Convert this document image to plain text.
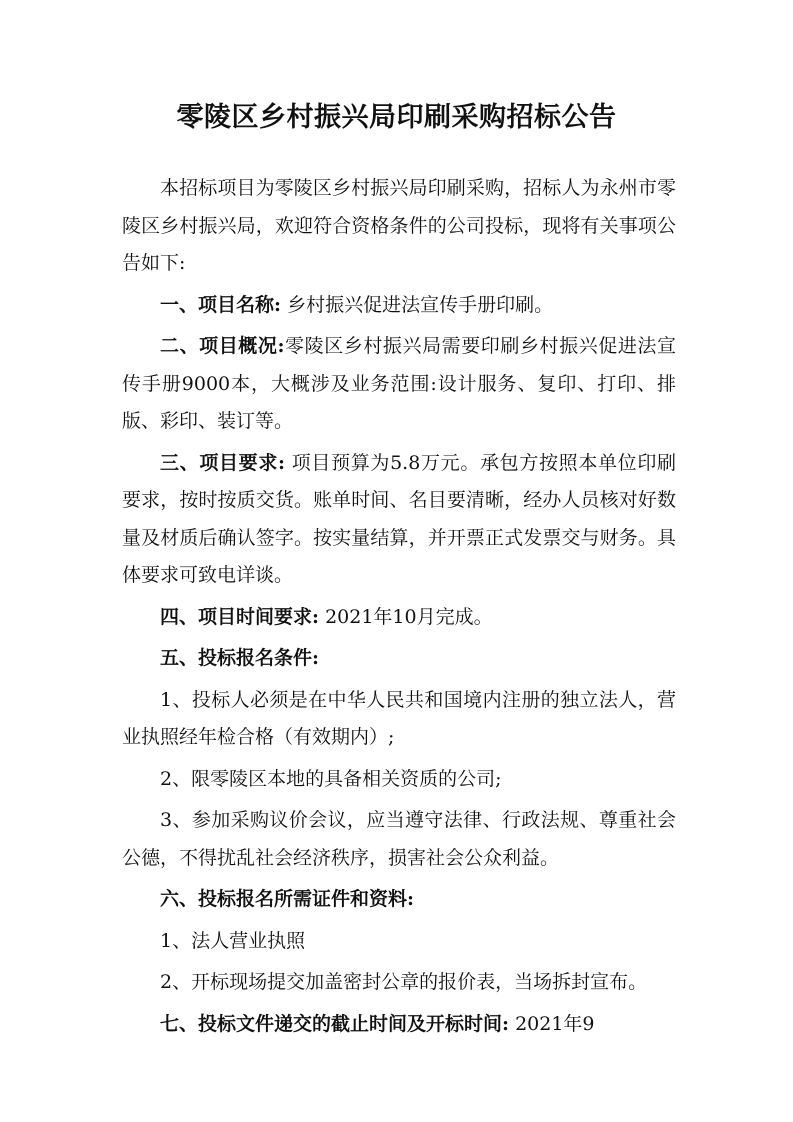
零陵区乡村振兴局印刷采购招标公告

本招标项目为零陵区乡村振兴局印刷采购，招标人为永州市零陵区乡村振兴局，欢迎符合资格条件的公司投标，现将有关事项公告如下:

一、项目名称: 乡村振兴促进法宣传手册印刷。

二、项目概况:零陵区乡村振兴局需要印刷乡村振兴促进法宣传手册9000本，大概涉及业务范围:设计服务、复印、打印、排版、彩印、装订等。

三、项目要求: 项目预算为5.8万元。承包方按照本单位印刷要求，按时按质交货。账单时间、名目要清晰，经办人员核对好数量及材质后确认签字。按实量结算，并开票正式发票交与财务。具体要求可致电详谈。

四、项目时间要求: 2021年10月完成。

五、投标报名条件:

1、投标人必须是在中华人民共和国境内注册的独立法人，营业执照经年检合格（有效期内）;

2、限零陵区本地的具备相关资质的公司;

3、参加采购议价会议，应当遵守法律、行政法规、尊重社会公德，不得扰乱社会经济秩序，损害社会公众利益。

六、投标报名所需证件和资料:

1、法人营业执照

2、开标现场提交加盖密封公章的报价表，当场拆封宣布。

七、投标文件递交的截止时间及开标时间: 2021年9
